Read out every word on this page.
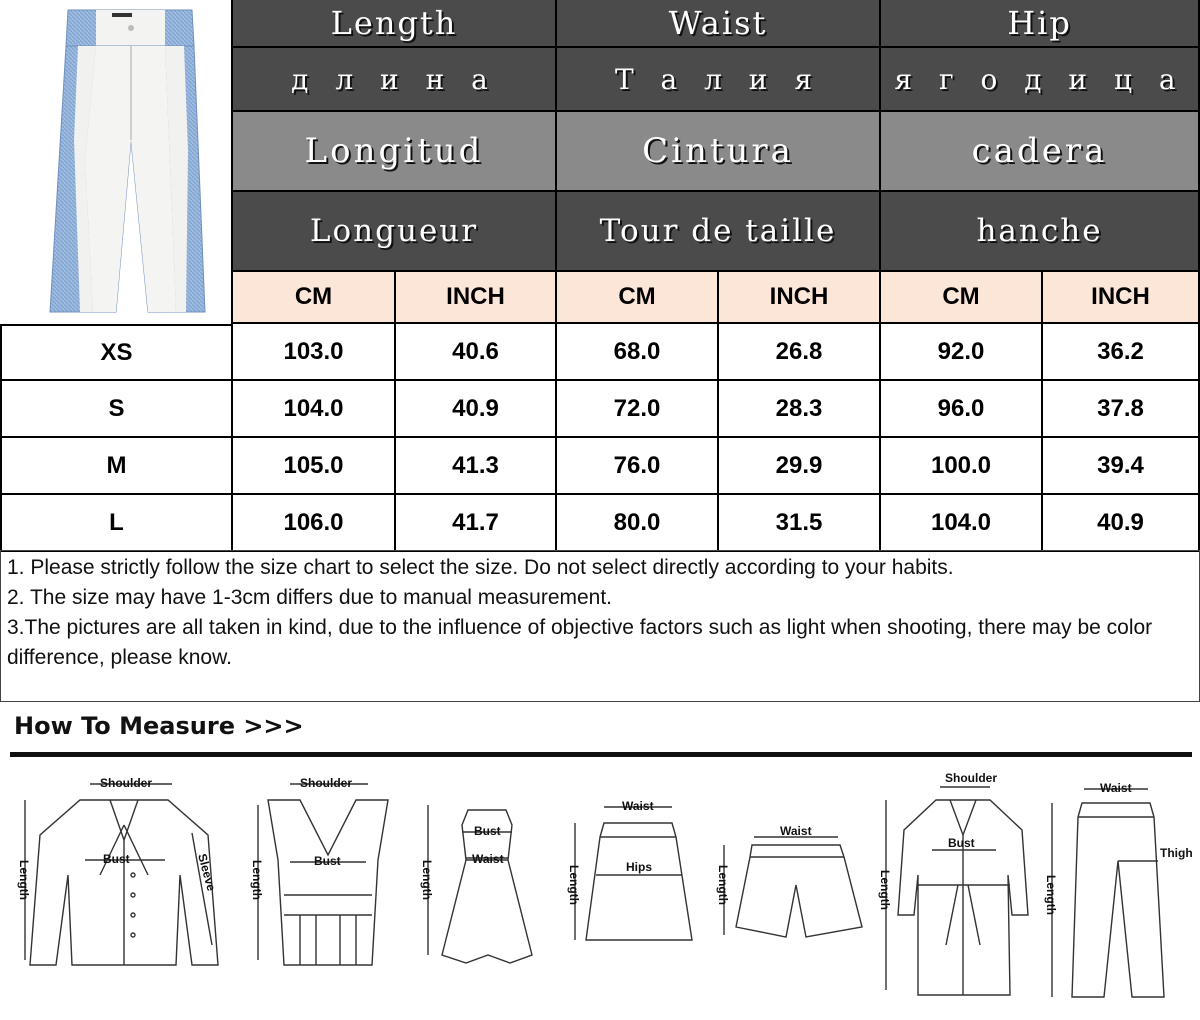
Length	Waist	Hip
д л и н а	Т а л и я	я г о д и ц а
Longitud	Cintura	cadera
Longueur	Tour de taille	hanche
CM	INCH	CM	INCH	CM	INCH
XS	103.0	40.6	68.0	26.8	92.0	36.2
S	104.0	40.9	72.0	28.3	96.0	37.8
M	105.0	41.3	76.0	29.9	100.0	39.4
L	106.0	41.7	80.0	31.5	104.0	40.9
1. Please strictly follow the size chart to select the size. Do not select directly according to your habits.
2. The size may have 1-3cm differs due to manual measurement.
3.The pictures are all taken in kind, due to the influence of objective factors such as light when shooting, there may be color difference, please know.
How To Measure >>>
Shoulder
Bust	Sleeve
Length
Shoulder
Bust
Length
Bust
Waist
Length
Waist
Hips
Length
Waist
Length
Shoulder
Bust
Length
Waist
Thigh
Length
